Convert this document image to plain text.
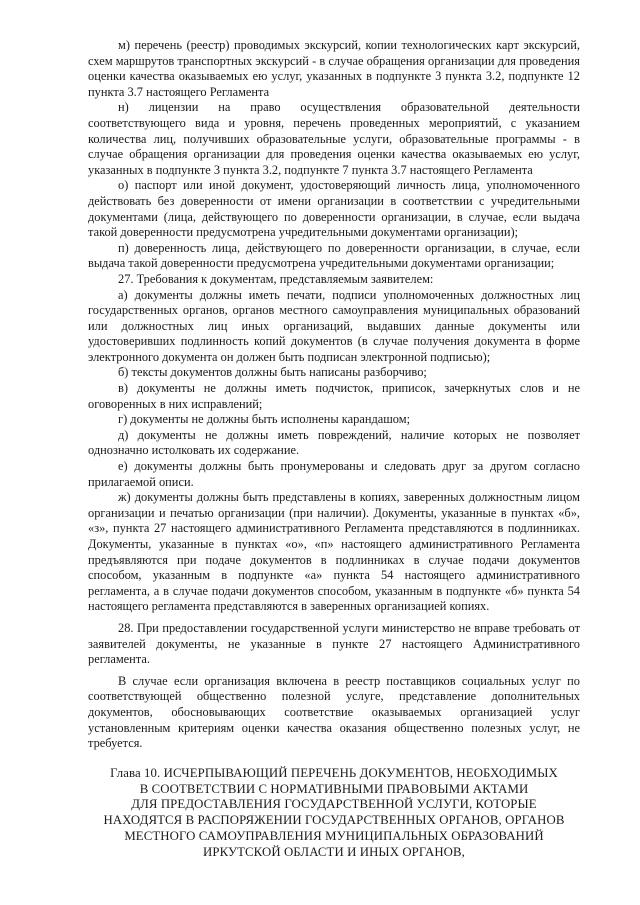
м) перечень (реестр) проводимых экскурсий, копии технологических карт экскурсий, схем маршрутов транспортных экскурсий - в случае обращения организации для проведения оценки качества оказываемых ею услуг, указанных в подпункте 3 пункта 3.2, подпункте 12 пункта 3.7 настоящего Регламента

н) лицензии на право осуществления образовательной деятельности соответствующего вида и уровня, перечень проведенных мероприятий, с указанием количества лиц, получивших образовательные услуги, образовательные программы - в случае обращения организации для проведения оценки качества оказываемых ею услуг, указанных в подпункте 3 пункта 3.2, подпункте 7 пункта 3.7 настоящего Регламента

о) паспорт или иной документ, удостоверяющий личность лица, уполномоченного действовать без доверенности от имени организации в соответствии с учредительными документами (лица, действующего по доверенности организации, в случае, если выдача такой доверенности предусмотрена учредительными документами организации);

п) доверенность лица, действующего по доверенности организации, в случае, если выдача такой доверенности предусмотрена учредительными документами организации;

27. Требования к документам, представляемым заявителем:

а) документы должны иметь печати, подписи уполномоченных должностных лиц государственных органов, органов местного самоуправления муниципальных образований или должностных лиц иных организаций, выдавших данные документы или удостоверивших подлинность копий документов (в случае получения документа в форме электронного документа он должен быть подписан электронной подписью);

б) тексты документов должны быть написаны разборчиво;

в) документы не должны иметь подчисток, приписок, зачеркнутых слов и не оговоренных в них исправлений;

г) документы не должны быть исполнены карандашом;

д) документы не должны иметь повреждений, наличие которых не позволяет однозначно истолковать их содержание.

е) документы должны быть пронумерованы и следовать друг за другом согласно прилагаемой описи.

ж) документы должны быть представлены в копиях, заверенных должностным лицом организации и печатью организации (при наличии). Документы, указанные в пунктах «б», «з», пункта 27 настоящего административного Регламента представляются в подлинниках. Документы, указанные в пунктах «о», «п» настоящего административного Регламента предъявляются при подаче документов в подлинниках в случае подачи документов способом, указанным в подпункте «а» пункта 54 настоящего административного регламента, а в случае подачи документов способом, указанным в подпункте «б» пункта 54 настоящего регламента представляются в заверенных организацией копиях.

28. При предоставлении государственной услуги министерство не вправе требовать от заявителей документы, не указанные в пункте 27 настоящего Административного регламента.

В случае если организация включена в реестр поставщиков социальных услуг по соответствующей общественно полезной услуге, представление дополнительных документов, обосновывающих соответствие оказываемых организацией услуг установленным критериям оценки качества оказания общественно полезных услуг, не требуется.

Глава 10. ИСЧЕРПЫВАЮЩИЙ ПЕРЕЧЕНЬ ДОКУМЕНТОВ, НЕОБХОДИМЫХ
В СООТВЕТСТВИИ С НОРМАТИВНЫМИ ПРАВОВЫМИ АКТАМИ
ДЛЯ ПРЕДОСТАВЛЕНИЯ ГОСУДАРСТВЕННОЙ УСЛУГИ, КОТОРЫЕ
НАХОДЯТСЯ В РАСПОРЯЖЕНИИ ГОСУДАРСТВЕННЫХ ОРГАНОВ, ОРГАНОВ
МЕСТНОГО САМОУПРАВЛЕНИЯ МУНИЦИПАЛЬНЫХ ОБРАЗОВАНИЙ
ИРКУТСКОЙ ОБЛАСТИ И ИНЫХ ОРГАНОВ,
